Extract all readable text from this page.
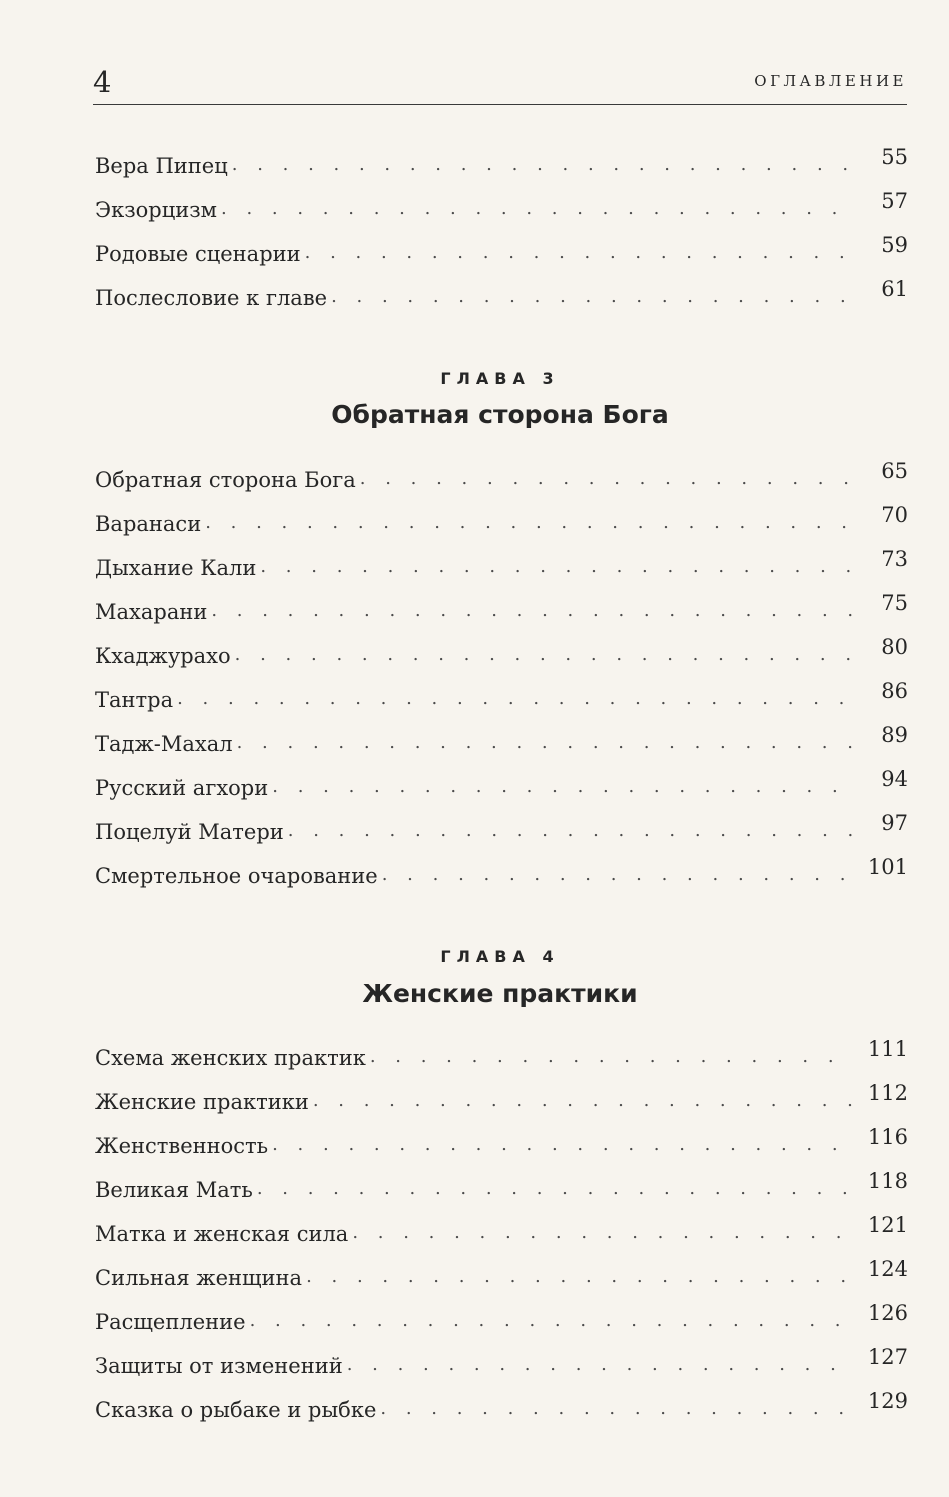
4	ОГЛАВЛЕНИЕ
Вера Пипец . . .	55
Экзорцизм . . .	57
Родовые сценарии . . .	59
Послесловие к главе . . .	61
ГЛАВА 3
Обратная сторона Бога
Обратная сторона Бога . . .	65
Варанаси . . .	70
Дыхание Кали . . .	73
Махарани . . .	75
Кхаджурахо . . .	80
Тантра . . .	86
Тадж-Махал . . .	89
Русский агхори . . .	94
Поцелуй Матери . . .	97
Смертельное очарование . . .	101
ГЛАВА 4
Женские практики
Схема женских практик . . .	111
Женские практики . . .	112
Женственность . . .	116
Великая Мать . . .	118
Матка и женская сила . . .	121
Сильная женщина . . .	124
Расщепление . . .	126
Защиты от изменений . . .	127
Сказка о рыбаке и рыбке . . .	129
